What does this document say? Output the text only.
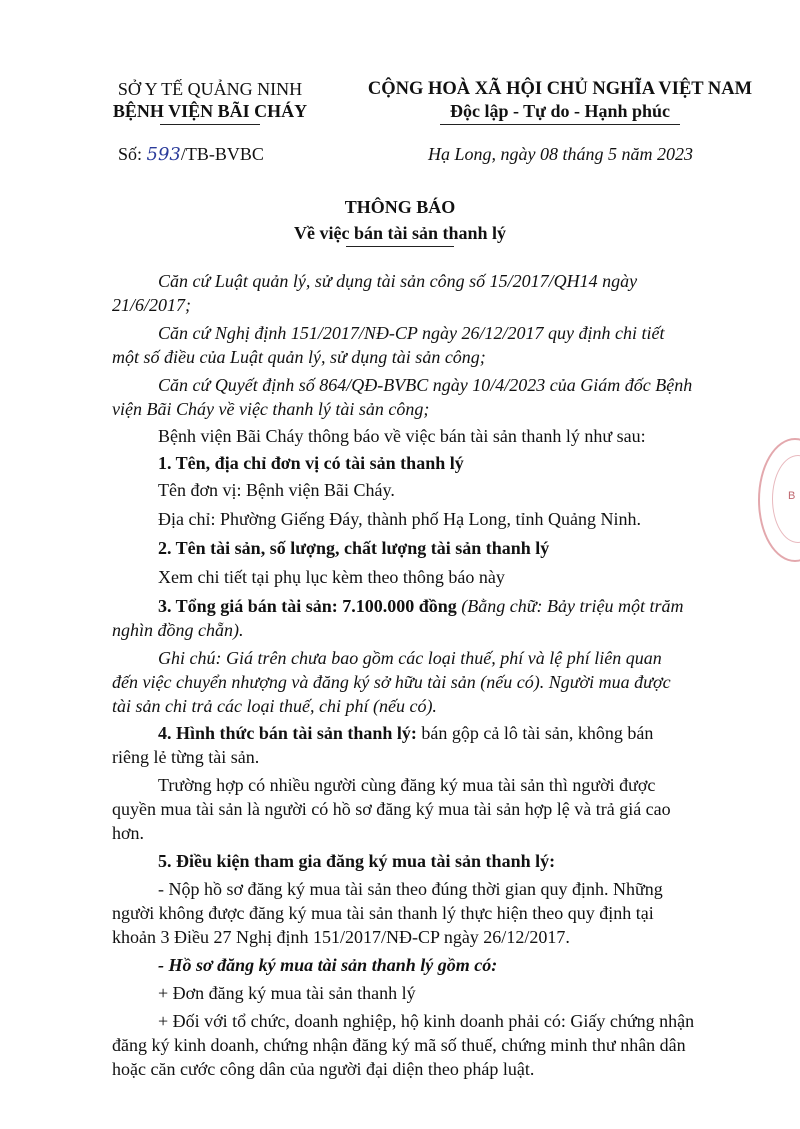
SỞ Y TẾ QUẢNG NINH
BỆNH VIỆN BÃI CHÁY
CỘNG HOÀ XÃ HỘI CHỦ NGHĨA VIỆT NAM
Độc lập - Tự do - Hạnh phúc
Số: 593/TB-BVBC	Hạ Long, ngày 08 tháng 5 năm 2023
THÔNG BÁO
Về việc bán tài sản thanh lý
Căn cứ Luật quản lý, sử dụng tài sản công số 15/2017/QH14 ngày
21/6/2017;
Căn cứ Nghị định 151/2017/NĐ-CP ngày 26/12/2017 quy định chi tiết
một số điều của Luật quản lý, sử dụng tài sản công;
Căn cứ Quyết định số 864/QĐ-BVBC ngày 10/4/2023 của Giám đốc Bệnh
viện Bãi Cháy về việc thanh lý tài sản công;
Bệnh viện Bãi Cháy thông báo về việc bán tài sản thanh lý như sau:
1. Tên, địa chỉ đơn vị có tài sản thanh lý
Tên đơn vị: Bệnh viện Bãi Cháy.
Địa chỉ: Phường Giếng Đáy, thành phố Hạ Long, tỉnh Quảng Ninh.
2. Tên tài sản, số lượng, chất lượng tài sản thanh lý
Xem chi tiết tại phụ lục kèm theo thông báo này
3. Tổng giá bán tài sản: 7.100.000 đồng (Bằng chữ: Bảy triệu một trăm
nghìn đồng chẵn).
Ghi chú: Giá trên chưa bao gồm các loại thuế, phí và lệ phí liên quan
đến việc chuyển nhượng và đăng ký sở hữu tài sản (nếu có). Người mua được
tài sản chi trả các loại thuế, chi phí (nếu có).
4. Hình thức bán tài sản thanh lý: bán gộp cả lô tài sản, không bán
riêng lẻ từng tài sản.
Trường hợp có nhiều người cùng đăng ký mua tài sản thì người được
quyền mua tài sản là người có hồ sơ đăng ký mua tài sản hợp lệ và trả giá cao
hơn.
5. Điều kiện tham gia đăng ký mua tài sản thanh lý:
- Nộp hồ sơ đăng ký mua tài sản theo đúng thời gian quy định. Những
người không được đăng ký mua tài sản thanh lý thực hiện theo quy định tại
khoản 3 Điều 27 Nghị định 151/2017/NĐ-CP ngày 26/12/2017.
- Hồ sơ đăng ký mua tài sản thanh lý gồm có:
+ Đơn đăng ký mua tài sản thanh lý
+ Đối với tổ chức, doanh nghiệp, hộ kinh doanh phải có: Giấy chứng nhận
đăng ký kinh doanh, chứng nhận đăng ký mã số thuế, chứng minh thư nhân dân
hoặc căn cước công dân của người đại diện theo pháp luật.
B
